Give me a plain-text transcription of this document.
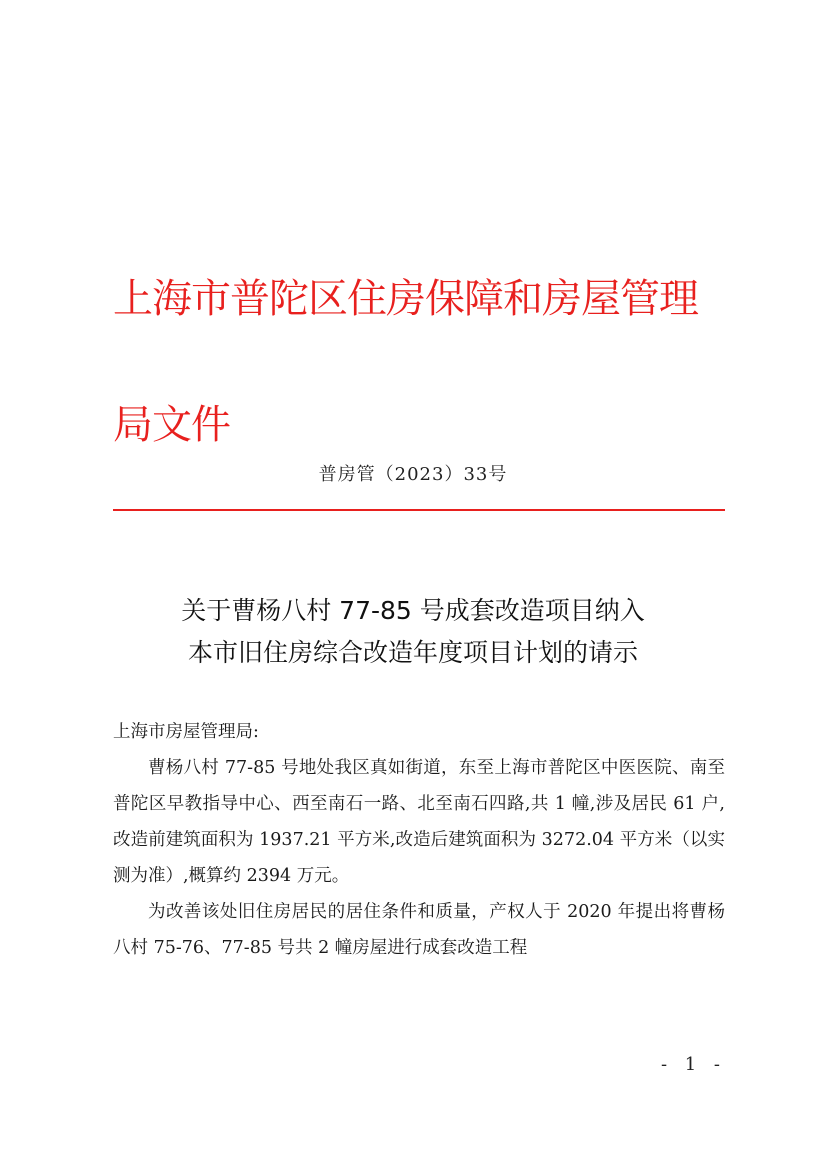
上海市普陀区住房保障和房屋管理局文件
普房管（2023）33号
关于曹杨八村 77-85 号成套改造项目纳入
本市旧住房综合改造年度项目计划的请示

上海市房屋管理局:

曹杨八村 77-85 号地处我区真如街道，东至上海市普陀区中医医院、南至普陀区早教指导中心、西至南石一路、北至南石四路,共 1 幢,涉及居民 61 户,改造前建筑面积为 1937.21 平方米,改造后建筑面积为 3272.04 平方米（以实测为准）,概算约 2394 万元。

为改善该处旧住房居民的居住条件和质量，产权人于 2020 年提出将曹杨八村 75-76、77-85 号共 2 幢房屋进行成套改造工程

- 1 -
